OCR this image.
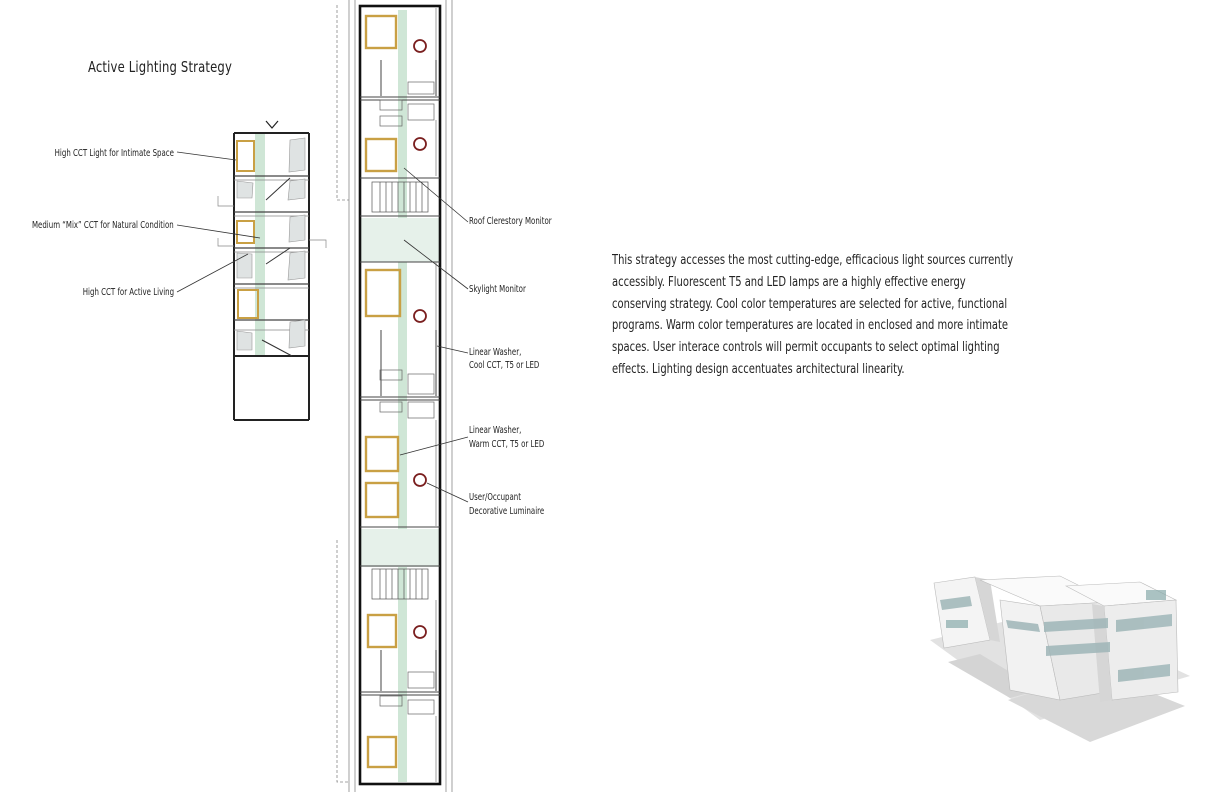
Active Lighting Strategy
High CCT Light for Intimate Space
Medium “Mix” CCT for Natural Condition
High CCT for Active Living
Roof Clerestory Monitor
Skylight Monitor
Linear Washer,
Cool CCT, T5 or LED
Linear Washer,
Warm CCT, T5 or LED
User/Occupant
Decorative Luminaire
This strategy accesses the most cutting-edge, efficacious light sources currently
accessibly. Fluorescent T5 and LED lamps are a highly effective energy
conserving strategy. Cool color temperatures are selected for active, functional
programs. Warm color temperatures are located in enclosed and more intimate
spaces. User interace controls will permit occupants to select optimal lighting
effects. Lighting design accentuates architectural linearity.
